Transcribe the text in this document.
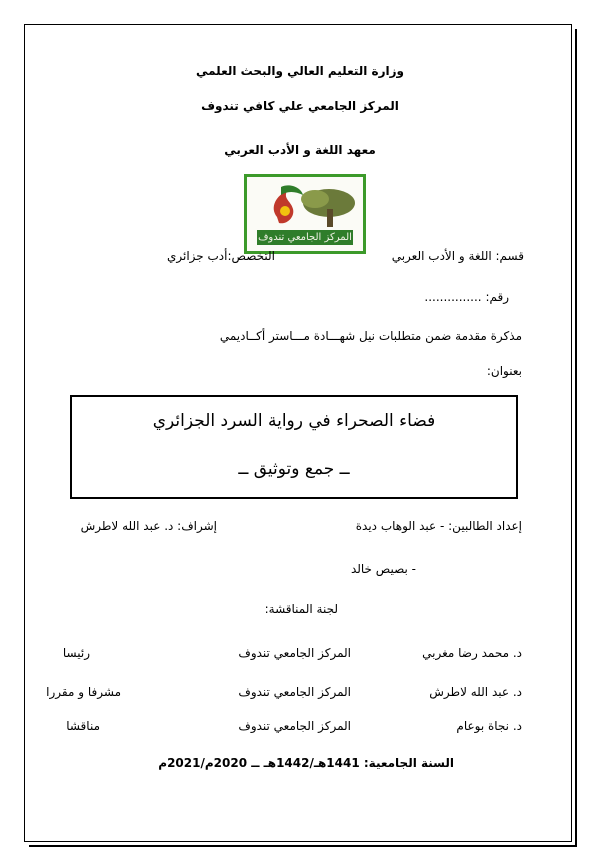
وزارة التعليم العالي والبحث العلمي
المركز الجامعي علي كافي تندوف
معهد اللغة و الأدب العربي
المركز الجامعي تندوف
قسم: اللغة و الأدب العربي
التخصص:أدب جزائري
رقم: ...............
مذكرة مقدمة ضمن متطلبات نيل شهـــادة مـــاستر أكــاديمي
بعنوان:
فضاء الصحراء في رواية السرد الجزائري
ــ جمع وتوثيق ــ
إعداد الطالبين: - عبد الوهاب ديدة
إشراف: د. عبد الله لاطرش
- بصيص خالد
لجنة المناقشة:
د. محمد رضا مغربي
المركز الجامعي تندوف
رئيسا
د. عبد الله لاطرش
المركز الجامعي تندوف
مشرفا و مقررا
د. نجاة بوعام
المركز الجامعي تندوف
مناقشا
السنة الجامعية: 1441هـ/1442هـ ــ 2020م/2021م
